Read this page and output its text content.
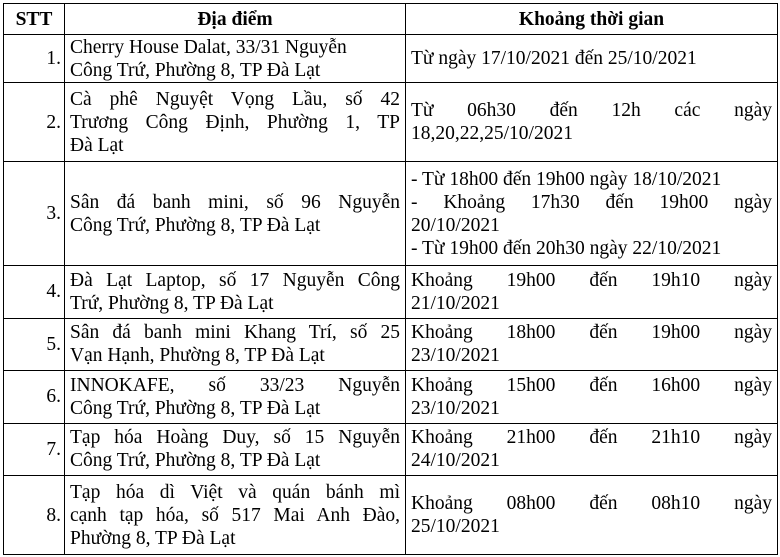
STT	Địa điểm	Khoảng thời gian
1.	Cherry House Dalat, 33/31 Nguyễn
Công Trứ, Phường 8, TP Đà Lạt	Từ ngày 17/10/2021 đến 25/10/2021

2.	Cà phê Nguyệt Vọng Lầu, số 42
Trương Công Định, Phường 1, TP
Đà Lạt	Từ 06h30 đến 12h các ngày
18,20,22,25/10/2021

3.	Sân đá banh mini, số 96 Nguyễn
Công Trứ, Phường 8, TP Đà Lạt	- Từ 18h00 đến 19h00 ngày 18/10/2021
- Khoảng 17h30 đến 19h00 ngày
20/10/2021
- Từ 19h00 đến 20h30 ngày 22/10/2021

4.	Đà Lạt Laptop, số 17 Nguyễn Công
Trứ, Phường 8, TP Đà Lạt	Khoảng 19h00 đến 19h10 ngày
21/10/2021

5.	Sân đá banh mini Khang Trí, số 25
Vạn Hạnh, Phường 8, TP Đà Lạt	Khoảng 18h00 đến 19h00 ngày
23/10/2021

6.	INNOKAFE, số 33/23 Nguyễn
Công Trứ, Phường 8, TP Đà Lạt	Khoảng 15h00 đến 16h00 ngày
23/10/2021

7.	Tạp hóa Hoàng Duy, số 15 Nguyễn
Công Trứ, Phường 8, TP Đà Lạt	Khoảng 21h00 đến 21h10 ngày
24/10/2021

8.	Tạp hóa dì Việt và quán bánh mì
cạnh tạp hóa, số 517 Mai Anh Đào,
Phường 8, TP Đà Lạt	Khoảng 08h00 đến 08h10 ngày
25/10/2021
